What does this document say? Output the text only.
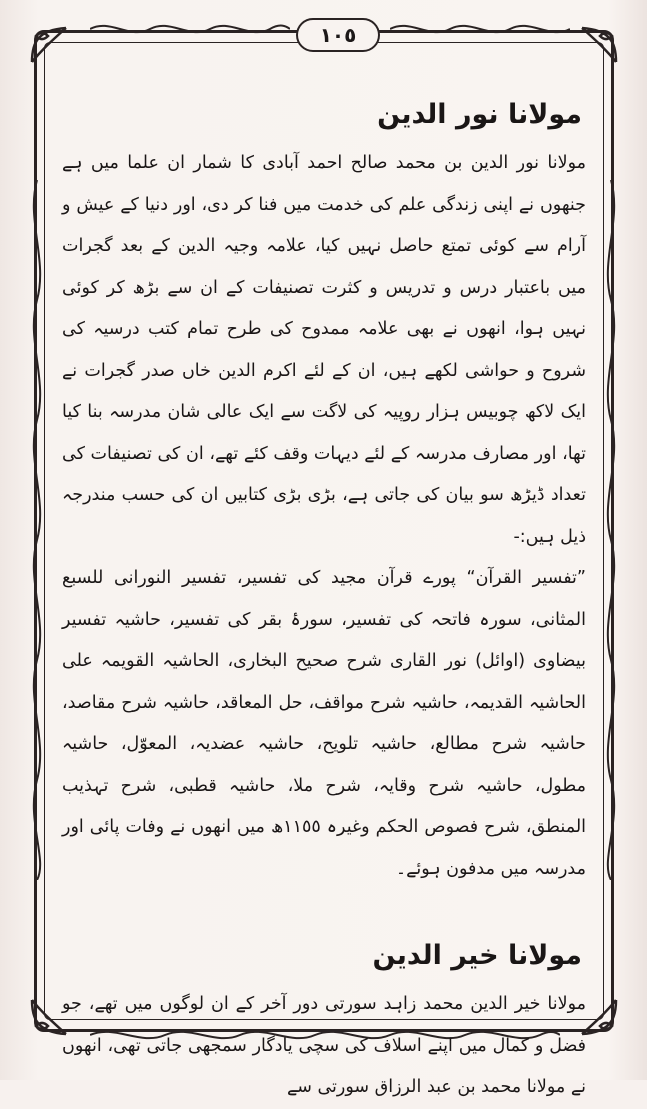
١٠٥
مولانا نور الدین

مولانا نور الدین بن محمد صالح احمد آبادی کا شمار ان علما میں ہے جنھوں نے اپنی زندگی علم کی خدمت میں فنا کر دی، اور دنیا کے عیش و آرام سے کوئی تمتع حاصل نہیں کیا، علامہ وجیہ الدین کے بعد گجرات میں باعتبار درس و تدریس و کثرت تصنیفات کے ان سے بڑھ کر کوئی نہیں ہوا، انھوں نے بھی علامہ ممدوح کی طرح تمام کتب درسیہ کی شروح و حواشی لکھے ہیں، ان کے لئے اکرم الدین خاں صدر گجرات نے ایک لاکھ چوبیس ہزار روپیہ کی لاگت سے ایک عالی شان مدرسہ بنا کیا تھا، اور مصارف مدرسہ کے لئے دیہات وقف کئے تھے، ان کی تصنیفات کی تعداد ڈیڑھ سو بیان کی جاتی ہے، بڑی بڑی کتابیں ان کی حسب مندرجہ ذیل ہیں:-

”تفسیر القرآن“ پورے قرآن مجید کی تفسیر، تفسیر النورانی للسبع المثانی، سورہ فاتحہ کی تفسیر، سورۂ بقر کی تفسیر، حاشیہ تفسیر بیضاوی (اوائل) نور القاری شرح صحیح البخاری، الحاشیہ القویمہ علی الحاشیہ القدیمہ، حاشیہ شرح مواقف، حل المعاقد، حاشیہ شرح مقاصد، حاشیہ شرح مطالع، حاشیہ تلویح، حاشیہ عضدیہ، المعوّل، حاشیہ مطول، حاشیہ شرح وقایہ، شرح ملا، حاشیہ قطبی، شرح تہذیب المنطق، شرح فصوص الحکم وغیرہ ١١٥٥ھ میں انھوں نے وفات پائی اور مدرسہ میں مدفون ہوئے۔

مولانا خیر الدین

مولانا خیر الدین محمد زاہد سورتی دور آخر کے ان لوگوں میں تھے، جو فضل و کمال میں اپنے اسلاف کی سچی یادگار سمجھی جاتی تھی، انھوں نے مولانا محمد بن عبد الرزاق سورتی سے
